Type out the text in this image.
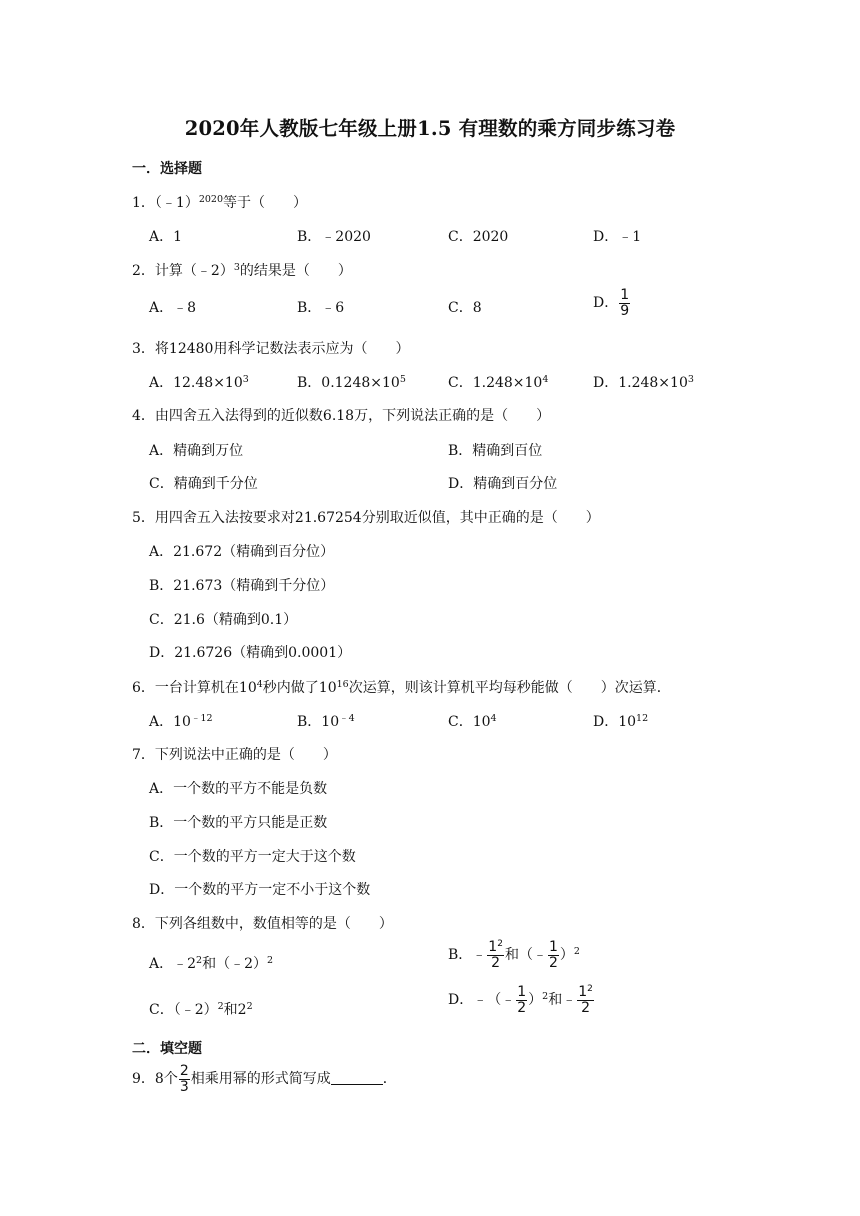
2020年人教版七年级上册1.5 有理数的乘方同步练习卷
一．选择题
1．（﹣1）$^{2020}$等于（　　）
A．1	B．﹣2020	C．2020	D．﹣1
2．计算（﹣2）$^3$的结果是（　　）
A．﹣8	B．﹣6	C．8	D． $\frac{1}{9}$
3．将12480用科学记数法表示应为（　　）
A．$12.48\times 10^3$	B．$0.1248\times 10^5$	C．$1.248\times 10^4$	D．$1.248\times 10^3$
4．由四舍五入法得到的近似数6.18万，下列说法正确的是（　　）
A．精确到万位	B．精确到百位
C．精确到千分位	D．精确到百分位
5．用四舍五入法按要求对21.67254分别取近似值，其中正确的是（　　）
A．21.672（精确到百分位）
B．21.673（精确到千分位）
C．21.6（精确到0.1）
D．21.6726（精确到0.0001）
6．一台计算机在$10^4$秒内做了$10^{16}$次运算，则该计算机平均每秒能做（　　）次运算．
A．$10^{﹣12}$	B．$10^{﹣4}$	C．$10^4$	D．$10^{12}$
7．下列说法中正确的是（　　）
A．一个数的平方不能是负数
B．一个数的平方只能是正数
C．一个数的平方一定大于这个数
D．一个数的平方一定不小于这个数
8．下列各组数中，数值相等的是（　　）
A．$﹣2^2$和（﹣2）$^2$	B．﹣ $\frac{1^2}{2}$ 和（﹣ $\frac{1}{2} )^2$
C．（﹣2）$^2$和$2^2$	D．﹣（﹣ $\frac{1}{2} )^2$和﹣ $\frac{1^2}{2}$
二．填空题
9．8个 $\frac{2}{3}$ 相乘用幂的形式简写成	．
